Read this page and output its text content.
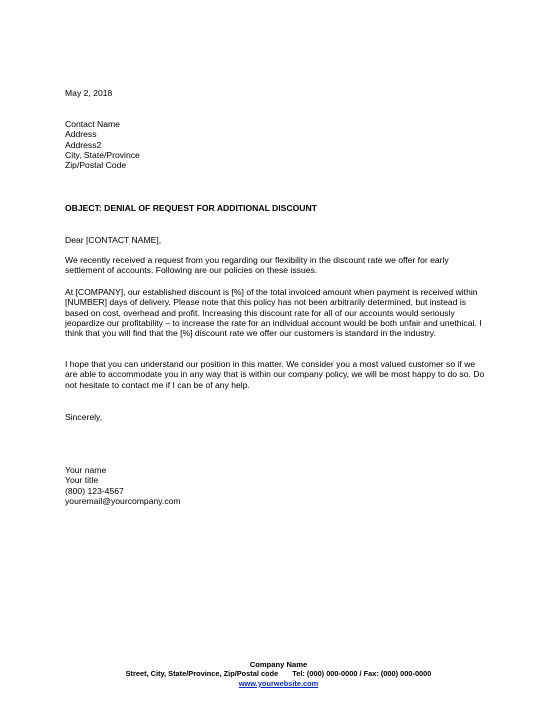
May 2, 2018
Contact Name
Address
Address2
City, State/Province
Zip/Postal Code
OBJECT: DENIAL OF REQUEST FOR ADDITIONAL DISCOUNT
Dear [CONTACT NAME],
We recently received a request from you regarding our flexibility in the discount rate we offer for early settlement of accounts. Following are our policies on these issues.
At [COMPANY], our established discount is [%] of the total invoiced amount when payment is received within [NUMBER] days of delivery. Please note that this policy has not been arbitrarily determined, but instead is based on cost, overhead and profit. Increasing this discount rate for all of our accounts would seriously jeopardize our profitability – to increase the rate for an individual account would be both unfair and unethical. I think that you will find that the [%] discount rate we offer our customers is standard in the industry.
I hope that you can understand our position in this matter. We consider you a most valued customer so if we are able to accommodate you in any way that is within our company policy, we will be most happy to do so. Do not hesitate to contact me if I can be of any help.
Sincerely,
Your name
Your title
(800) 123-4567
youremail@yourcompany.com
Company Name
Street, City, State/Province, Zip/Postal code Tel: (000) 000-0000 / Fax: (000) 000-0000
www.yourwebsite.com
